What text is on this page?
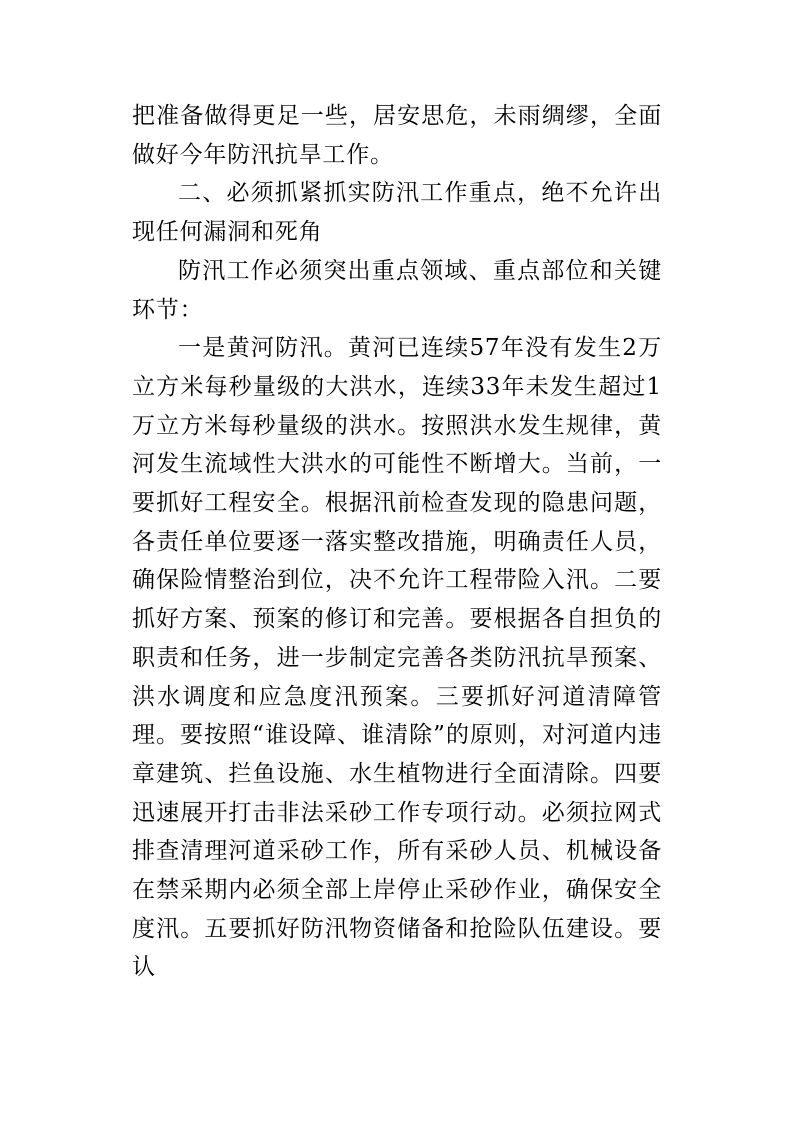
把准备做得更足一些，居安思危，未雨绸缪，全面做好今年防汛抗旱工作。

二、必须抓紧抓实防汛工作重点，绝不允许出现任何漏洞和死角

防汛工作必须突出重点领域、重点部位和关键环节：

一是黄河防汛。黄河已连续57年没有发生2万立方米每秒量级的大洪水，连续33年未发生超过1万立方米每秒量级的洪水。按照洪水发生规律，黄河发生流域性大洪水的可能性不断增大。当前，一要抓好工程安全。根据汛前检查发现的隐患问题，各责任单位要逐一落实整改措施，明确责任人员，确保险情整治到位，决不允许工程带险入汛。二要抓好方案、预案的修订和完善。要根据各自担负的职责和任务，进一步制定完善各类防汛抗旱预案、洪水调度和应急度汛预案。三要抓好河道清障管理。要按照“谁设障、谁清除”的原则，对河道内违章建筑、拦鱼设施、水生植物进行全面清除。四要迅速展开打击非法采砂工作专项行动。必须拉网式排查清理河道采砂工作，所有采砂人员、机械设备在禁采期内必须全部上岸停止采砂作业，确保安全度汛。五要抓好防汛物资储备和抢险队伍建设。要认
